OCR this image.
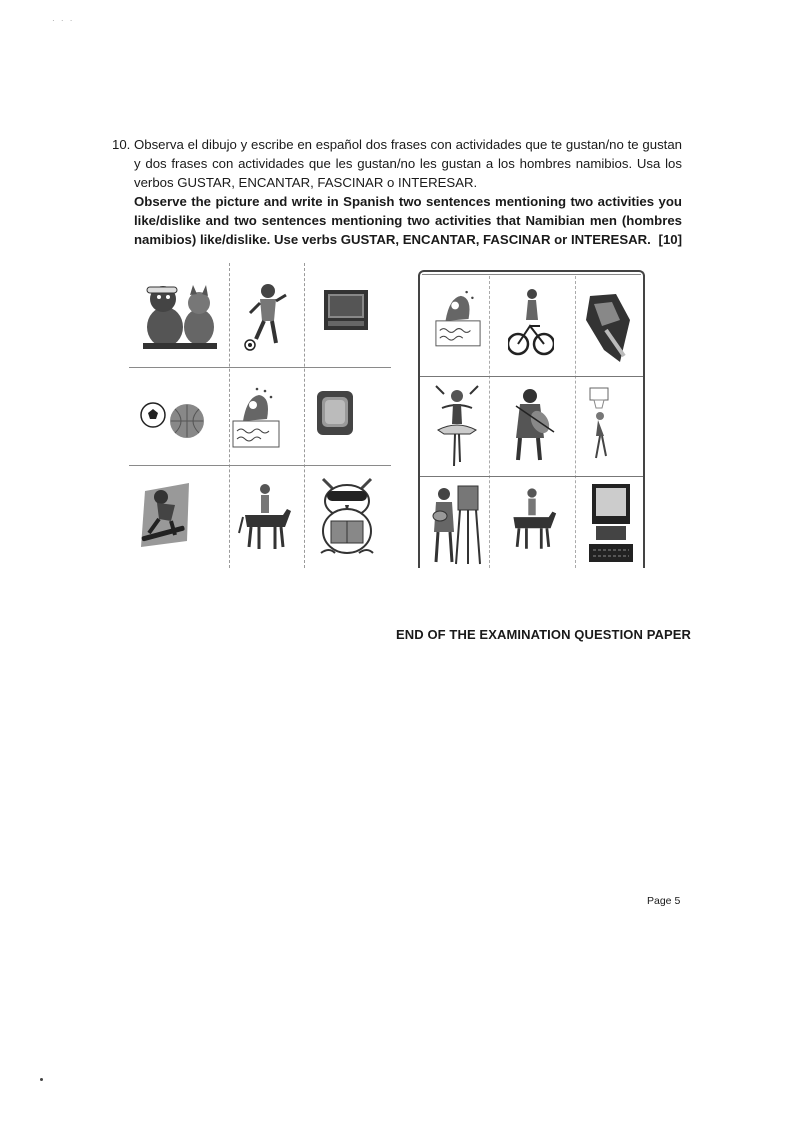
· · ·
10. Observa el dibujo y escribe en español dos frases con actividades que te gustan/no te gustan y dos frases con actividades que les gustan/no les gustan a los hombres namibios. Usa los verbos GUSTAR, ENCANTAR, FASCINAR o INTERESAR.
Observe the picture and write in Spanish two sentences mentioning two activities you like/dislike and two sentences mentioning two activities that Namibian men (hombres namibios) like/dislike. Use verbs GUSTAR, ENCANTAR, FASCINAR or INTERESAR. [10]
END OF THE EXAMINATION QUESTION PAPER
Page 5
